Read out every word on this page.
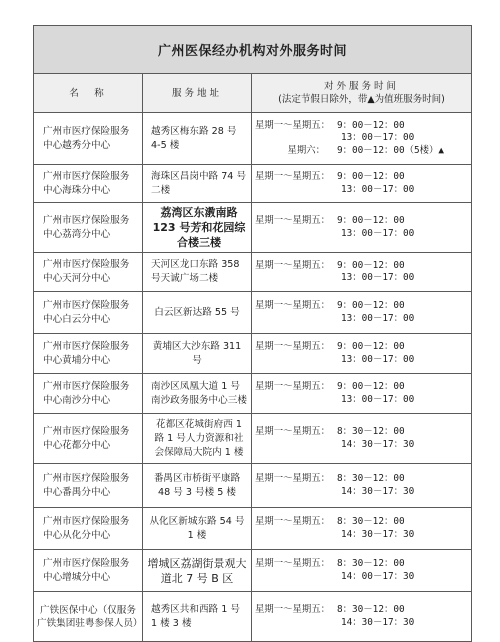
广州医保经办机构对外服务时间		
名　称	服务地址	对外服务时间
(法定节假日除外，带▲为值班服务时间)

广州市医疗保险服务中心越秀分中心	越秀区梅东路 28 号 4-5 楼	星期一～星期五： 9：00－12：00
13：00－17：00
星期六： 9：00－12：00（5楼）▲

广州市医疗保险服务中心海珠分中心	海珠区昌岗中路 74 号二楼	星期一～星期五： 9：00－12：00
13：00－17：00

广州市医疗保险服务中心荔湾分中心	荔湾区东漖南路 123 号芳和花园综合楼三楼	星期一～星期五： 9：00－12：00
13：00－17：00

广州市医疗保险服务中心天河分中心	天河区龙口东路 358 号天诚广场二楼	星期一～星期五： 9：00－12：00
13：00－17：00

广州市医疗保险服务中心白云分中心	白云区新达路 55 号	星期一～星期五： 9：00－12：00
13：00－17：00

广州市医疗保险服务中心黄埔分中心	黄埔区大沙东路 311 号	星期一～星期五： 9：00－12：00
13：00－17：00

广州市医疗保险服务中心南沙分中心	南沙区凤凰大道 1 号南沙政务服务中心三楼	星期一～星期五： 9：00－12：00
13：00－17：00

广州市医疗保险服务中心花都分中心	花都区花城街府西 1 路 1 号人力资源和社会保障局大院内 1 楼	星期一～星期五： 8：30－12：00
14：30－17：30

广州市医疗保险服务中心番禺分中心	番禺区市桥街平康路 48 号 3 号楼 5 楼	星期一～星期五： 8：30－12：00
14：30－17：30

广州市医疗保险服务中心从化分中心	从化区新城东路 54 号 1 楼	星期一～星期五： 8：30－12：00
14：30－17：30

广州市医疗保险服务中心增城分中心	增城区荔湖街景观大道北 7 号 B 区	星期一～星期五： 8：30－12：00
14：00－17：30

广铁医保中心（仅服务广铁集团驻粤参保人员）	越秀区共和西路 1 号 1 楼 3 楼	星期一～星期五： 8：30－12：00
14：30－17：30
